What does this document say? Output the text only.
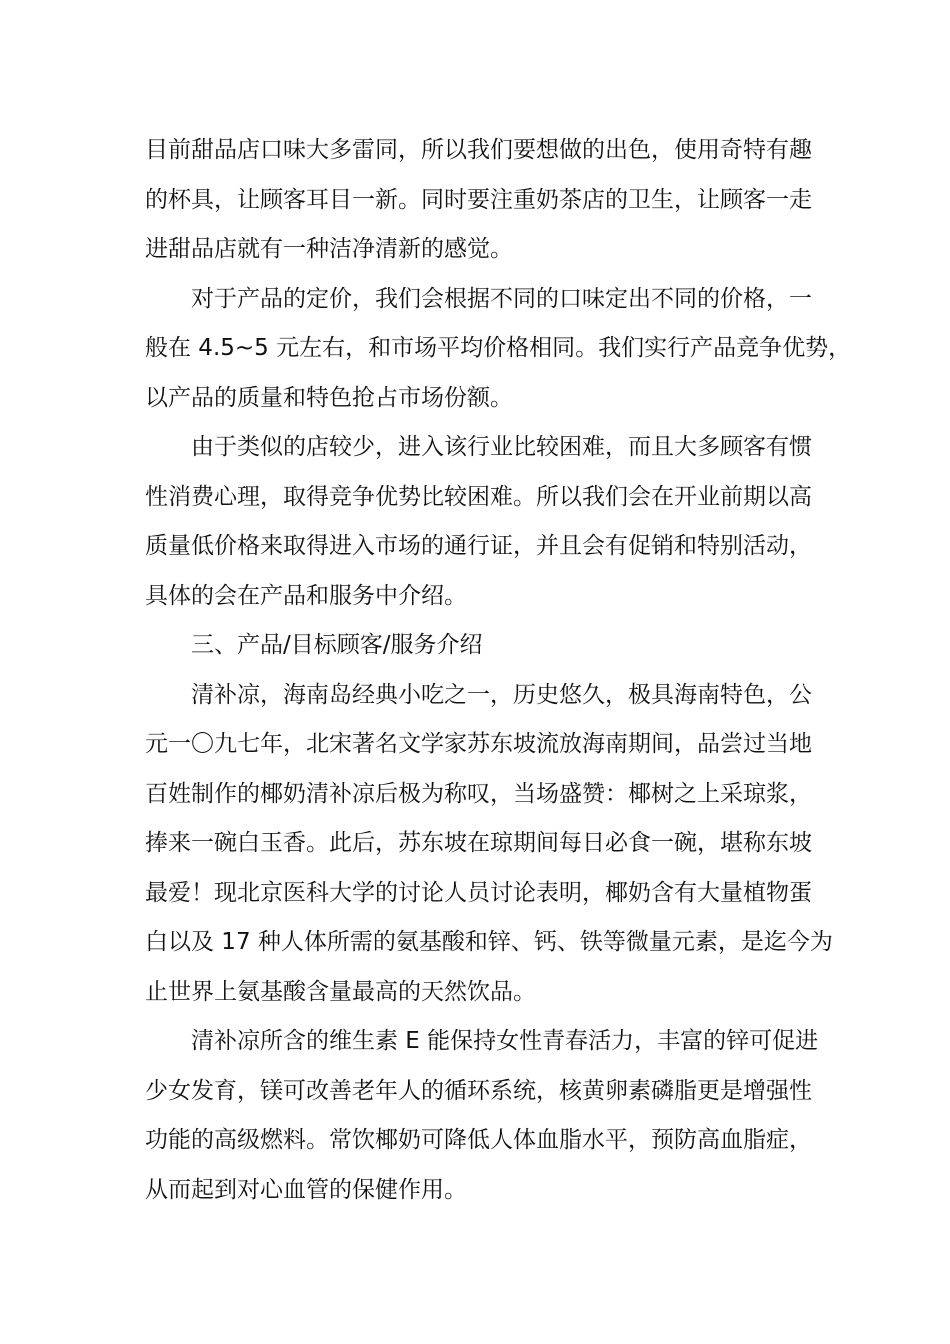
目前甜品店口味大多雷同，所以我们要想做的出色，使用奇特有趣
的杯具，让顾客耳目一新。同时要注重奶茶店的卫生，让顾客一走
进甜品店就有一种洁净清新的感觉。
对于产品的定价，我们会根据不同的口味定出不同的价格，一
般在 4.5~5 元左右，和市场平均价格相同。我们实行产品竞争优势，
以产品的质量和特色抢占市场份额。
由于类似的店较少，进入该行业比较困难，而且大多顾客有惯
性消费心理，取得竞争优势比较困难。所以我们会在开业前期以高
质量低价格来取得进入市场的通行证，并且会有促销和特别活动，
具体的会在产品和服务中介绍。
三、产品/目标顾客/服务介绍
清补凉，海南岛经典小吃之一，历史悠久，极具海南特色，公
元一〇九七年，北宋著名文学家苏东坡流放海南期间，品尝过当地
百姓制作的椰奶清补凉后极为称叹，当场盛赞：椰树之上采琼浆，
捧来一碗白玉香。此后，苏东坡在琼期间每日必食一碗，堪称东坡
最爱！现北京医科大学的讨论人员讨论表明，椰奶含有大量植物蛋
白以及 17 种人体所需的氨基酸和锌、钙、铁等微量元素，是迄今为
止世界上氨基酸含量最高的天然饮品。
清补凉所含的维生素 E 能保持女性青春活力，丰富的锌可促进
少女发育，镁可改善老年人的循环系统，核黄卵素磷脂更是增强性
功能的高级燃料。常饮椰奶可降低人体血脂水平，预防高血脂症，
从而起到对心血管的保健作用。
